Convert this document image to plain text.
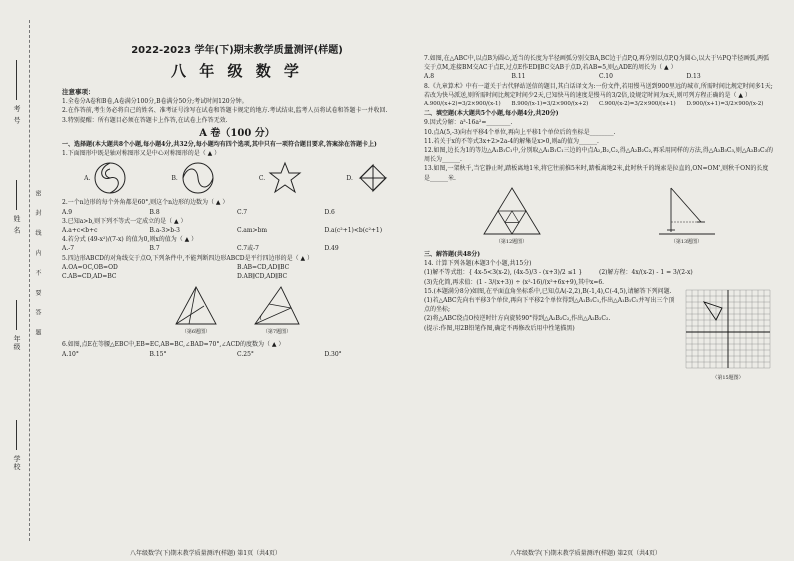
考 号
姓 名
年级
学校
密 封 线 内 不 要 答 题
2022-2023 学年(下)期末教学质量测评(样题)
八 年 级 数 学
注意事项：

1.全卷分A卷和B卷,A卷满分100分,B卷满分50分;考试时间120分钟。

2.在作答前,考生务必将自己的姓名、准考证号涂写在试卷和答题卡规定的地方.考试结束,监考人员将试卷和答题卡一并收回.

3.特别提醒：所有题目必须在答题卡上作答,在试卷上作答无效.

A 卷（100 分）

一、选择题(本大题共8个小题,每小题4分,共32分,每小题均有四个选项,其中只有一项符合题目要求,答案涂在答题卡上)

1.下面图形中既是轴对称图形又是中心对称图形的是（ ▲ ）

A.	B.	C.	D.

2.一个n边形的每个外角都是60°,则这个n边形的边数为（ ▲ ）

A.9	B.8	C.7	D.6

3.已知a>b,则下列不等式一定成立的是（ ▲ ）

A.a+c<b+c	B.a-3>b-3	C.am>bm	D.a(c²+1)<b(c²+1)

4.若分式 (49-x²)/(7-x) 的值为0,则x的值为（ ▲ ）

A.-7	B.7	C.7或-7	D.49

5.四边形ABCD的对角线交于点O,下列条件中,不能判断四边形ABCD是平行四边形的是（ ▲ ）

A.OA=OC,OB=OD	B.AB=CD,AD∥BC
C.AB=CD,AD=BC	D.AB∥CD,AD∥BC
（第6题图）	（第7题图）

6.如图,点E在等腰△EBC中,EB=EC,AB=BC,∠BAD=70°,∠ACD的度数为（ ▲ ）

A.10°	B.15°	C.25°	D.30°

7.如图,在△ABC中,以点B为圆心,适当的长度为半径画弧分别交BA,BC边于点P,Q,再分别以点P,Q为圆心,以大于½PQ半径画弧,两弧交于点M,连接BM交AC于点E,过点E作ED∥BC交AB于点D,若AB=5,则△ADE的周长为（ ▲ ）

A.8	B.11	C.10	D.13

8.《九章算术》中有一道关于古代驿站送信的题目,其白话译文为:一份文件,若用慢马送到900里远的城市,所需时间比规定时间多1天;若改为快马派送,则所需时间比规定时间少2天,已知快马的速度是慢马的3/2倍,设规定时间为x天,则可列方程正确的是（ ▲ ）

A.900/(x+2)=3/2×900/(x-1)	B.900/(x-1)=3/2×900/(x+2)	C.900/(x-2)=3/2×900/(x+1)	D.900/(x+1)=3/2×900/(x-2)

二、填空题(本大题共5个小题,每小题4分,共20分)

9.因式分解：a³-16a²=________.

10.点A(5,-3)向右平移4个单位,再向上平移1个单位后的坐标是________.

11.若关于x的不等式3x+2>2a-4的解集是x>0,则a的值为______.

12.如图,边长为1的等边△A₁B₁C₁中,分别取△A₁B₁C₁三边的中点A₂,B₂,C₂,得△A₂B₂C₂,再采用同样的方法,得△A₃B₃C₃,则△A₃B₃C₃的周长为______.

13.如图,一架秋千,当它静止时,踏板离地1米,将它往前推5米时,踏板离地2米,此时秋千的绳索是拉直的,ON=OM',则秋千ON的长度是______米.

（第12题图）	（第13题图）

三、解答题(共48分)

14. 计算下列各题(本题3个小题,共15分)

(1)解不等式组：{ 4x-5<3(x-2), (4x-5)/3 - (x+3)/2 ≤1 }	(2)解方程：4x/(x-2) - 1 = 3/(2-x)

(3)先化简,再求值：(1 - 3/(x+3)) ÷ (x²-16)/(x²+6x+9),其中x=6.

15.(本题满分8分)如图,在平面直角坐标系中,已知点A(-2,2),B(-1,4),C(-4,5),请解答下列问题.

(1)若△ABC先向右平移3个单位,再向下平移2个单位得到△A₁B₁C₁,作出△A₁B₁C₁并写出三个顶点的坐标;

(2)将△ABC绕点O按逆时针方向旋转90°得到△A₂B₂C₂,作出△A₂B₂C₂.

(提示:作图,用2B铅笔作图,确定不再修改后用中性笔描黑)

（第15题图）
八年级数学(下)期末教学质量测评(样题) 第1页（共4页）	八年级数学(下)期末教学质量测评(样题) 第2页（共4页）
